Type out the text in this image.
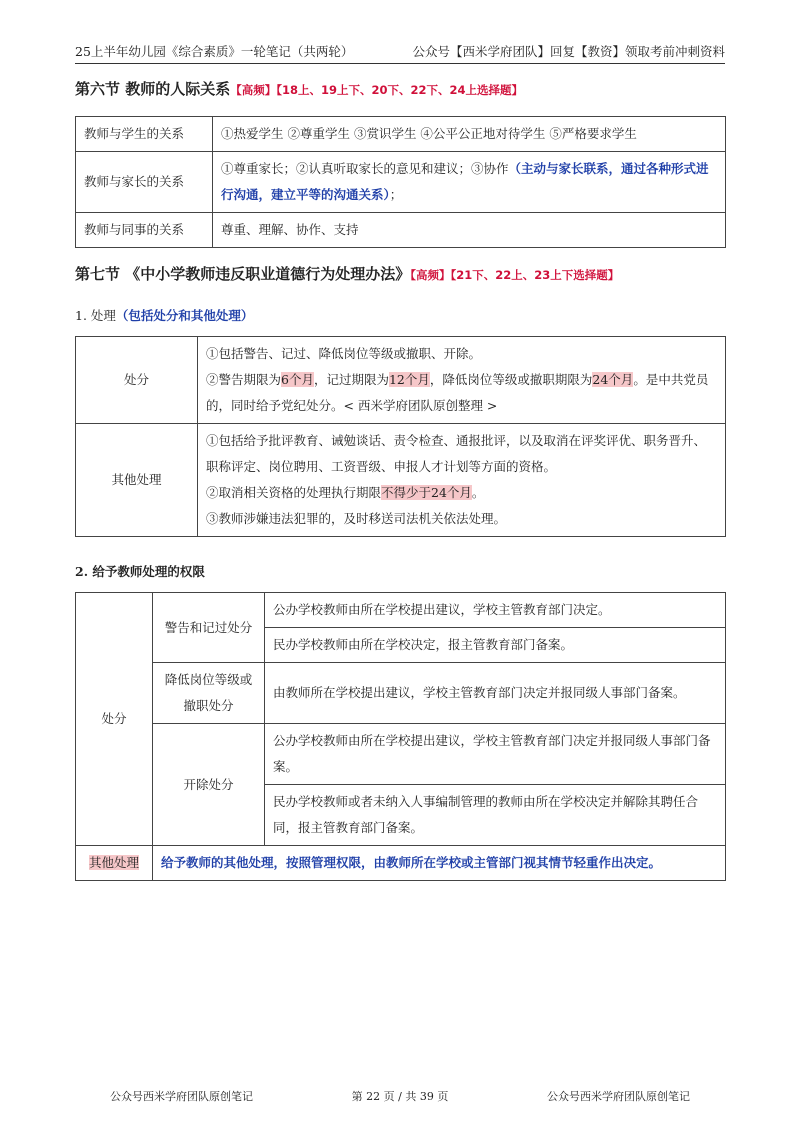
25上半年幼儿园《综合素质》一轮笔记（共两轮）	公众号【西米学府团队】回复【教资】领取考前冲刺资料
第六节 教师的人际关系【高频】【18上、19上下、20下、22下、24上选择题】
教师与学生的关系	①热爱学生 ②尊重学生 ③赏识学生 ④公平公正地对待学生 ⑤严格要求学生
教师与家长的关系	①尊重家长；②认真听取家长的意见和建议；③协作（主动与家长联系，通过各种形式进行沟通，建立平等的沟通关系）；
教师与同事的关系	尊重、理解、协作、支持
第七节 《中小学教师违反职业道德行为处理办法》【高频】【21下、22上、23上下选择题】
1. 处理（包括处分和其他处理）
处分	①包括警告、记过、降低岗位等级或撤职、开除。
②警告期限为6个月，记过期限为12个月，降低岗位等级或撤职期限为24个月。是中共党员的，同时给予党纪处分。< 西米学府团队原创整理 >

其他处理	①包括给予批评教育、诫勉谈话、责令检查、通报批评，以及取消在评奖评优、职务晋升、职称评定、岗位聘用、工资晋级、申报人才计划等方面的资格。
②取消相关资格的处理执行期限不得少于24个月。
③教师涉嫌违法犯罪的，及时移送司法机关依法处理。
2. 给予教师处理的权限
处分	警告和记过处分	公办学校教师由所在学校提出建议，学校主管教育部门决定。
		民办学校教师由所在学校决定，报主管教育部门备案。
	降低岗位等级或撤职处分	由教师所在学校提出建议，学校主管教育部门决定并报同级人事部门备案。
	开除处分	公办学校教师由所在学校提出建议，学校主管教育部门决定并报同级人事部门备案。
		民办学校教师或者未纳入人事编制管理的教师由所在学校决定并解除其聘任合同，报主管教育部门备案。
其他处理	给予教师的其他处理，按照管理权限，由教师所在学校或主管部门视其情节轻重作出决定。	
公众号西米学府团队原创笔记	第 22 页 / 共 39 页	公众号西米学府团队原创笔记
